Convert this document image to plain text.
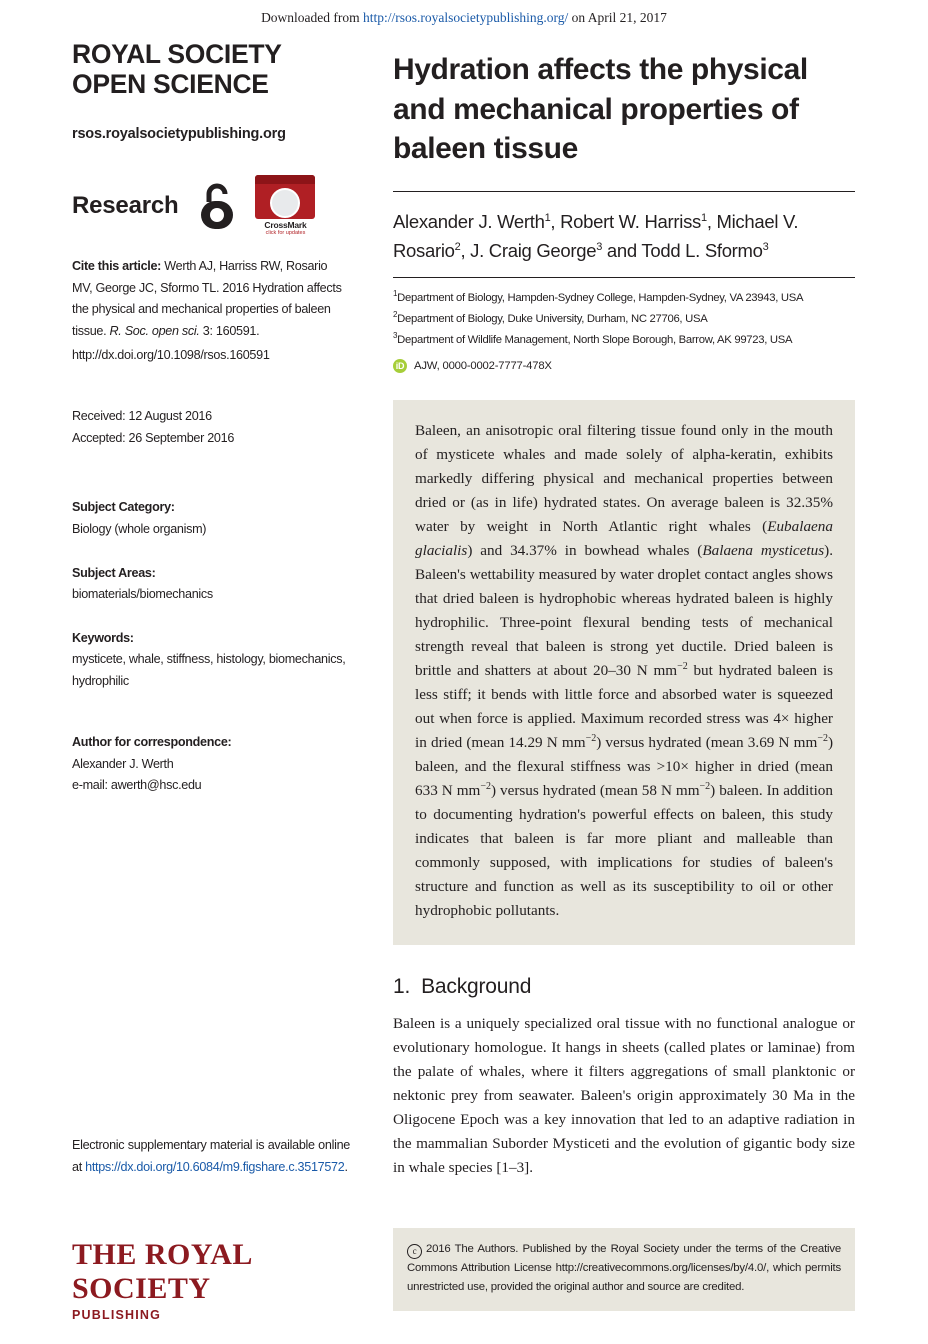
Downloaded from http://rsos.royalsocietypublishing.org/ on April 21, 2017
ROYAL SOCIETY
OPEN SCIENCE
rsos.royalsocietypublishing.org
Research
CrossMark
click for updates
Cite this article: Werth AJ, Harriss RW, Rosario MV, George JC, Sformo TL. 2016 Hydration affects the physical and mechanical properties of baleen tissue. R. Soc. open sci. 3: 160591.
http://dx.doi.org/10.1098/rsos.160591
Received: 12 August 2016
Accepted: 26 September 2016
Subject Category:
Biology (whole organism)
Subject Areas:
biomaterials/biomechanics
Keywords:
mysticete, whale, stiffness, histology, biomechanics, hydrophilic
Author for correspondence:
Alexander J. Werth
e-mail: awerth@hsc.edu
Electronic supplementary material is available online at https://dx.doi.org/10.6084/m9.figshare.c.3517572.
THE ROYAL SOCIETY
PUBLISHING
Hydration affects the physical and mechanical properties of baleen tissue
Alexander J. Werth$^1$, Robert W. Harriss$^1$, Michael V. Rosario$^2$, J. Craig George$^3$ and Todd L. Sformo$^3$
$^1$Department of Biology, Hampden-Sydney College, Hampden-Sydney, VA 23943, USA
$^2$Department of Biology, Duke University, Durham, NC 27706, USA
$^3$Department of Wildlife Management, North Slope Borough, Barrow, AK 99723, USA
iD AJW, 0000-0002-7777-478X
Baleen, an anisotropic oral filtering tissue found only in the mouth of mysticete whales and made solely of alpha-keratin, exhibits markedly differing physical and mechanical properties between dried or (as in life) hydrated states. On average baleen is 32.35% water by weight in North Atlantic right whales (Eubalaena glacialis) and 34.37% in bowhead whales (Balaena mysticetus). Baleen's wettability measured by water droplet contact angles shows that dried baleen is hydrophobic whereas hydrated baleen is highly hydrophilic. Three-point flexural bending tests of mechanical strength reveal that baleen is strong yet ductile. Dried baleen is brittle and shatters at about 20–30 N $mm^{-2}$ but hydrated baleen is less stiff; it bends with little force and absorbed water is squeezed out when force is applied. Maximum recorded stress was 4× higher in dried (mean 14.29 N $mm^{-2}$) versus hydrated (mean 3.69 N $mm^{-2}$) baleen, and the flexural stiffness was >10× higher in dried (mean 633 N $mm^{-2}$) versus hydrated (mean 58 N $mm^{-2}$) baleen. In addition to documenting hydration's powerful effects on baleen, this study indicates that baleen is far more pliant and malleable than commonly supposed, with implications for studies of baleen's structure and function as well as its susceptibility to oil or other hydrophobic pollutants.
1. Background
Baleen is a uniquely specialized oral tissue with no functional analogue or evolutionary homologue. It hangs in sheets (called plates or laminae) from the palate of whales, where it filters aggregations of small planktonic or nektonic prey from seawater. Baleen's origin approximately 30 Ma in the Oligocene Epoch was a key innovation that led to an adaptive radiation in the mammalian Suborder Mysticeti and the evolution of gigantic body size in whale species [1–3].
c 2016 The Authors. Published by the Royal Society under the terms of the Creative Commons Attribution License http://creativecommons.org/licenses/by/4.0/, which permits unrestricted use, provided the original author and source are credited.
